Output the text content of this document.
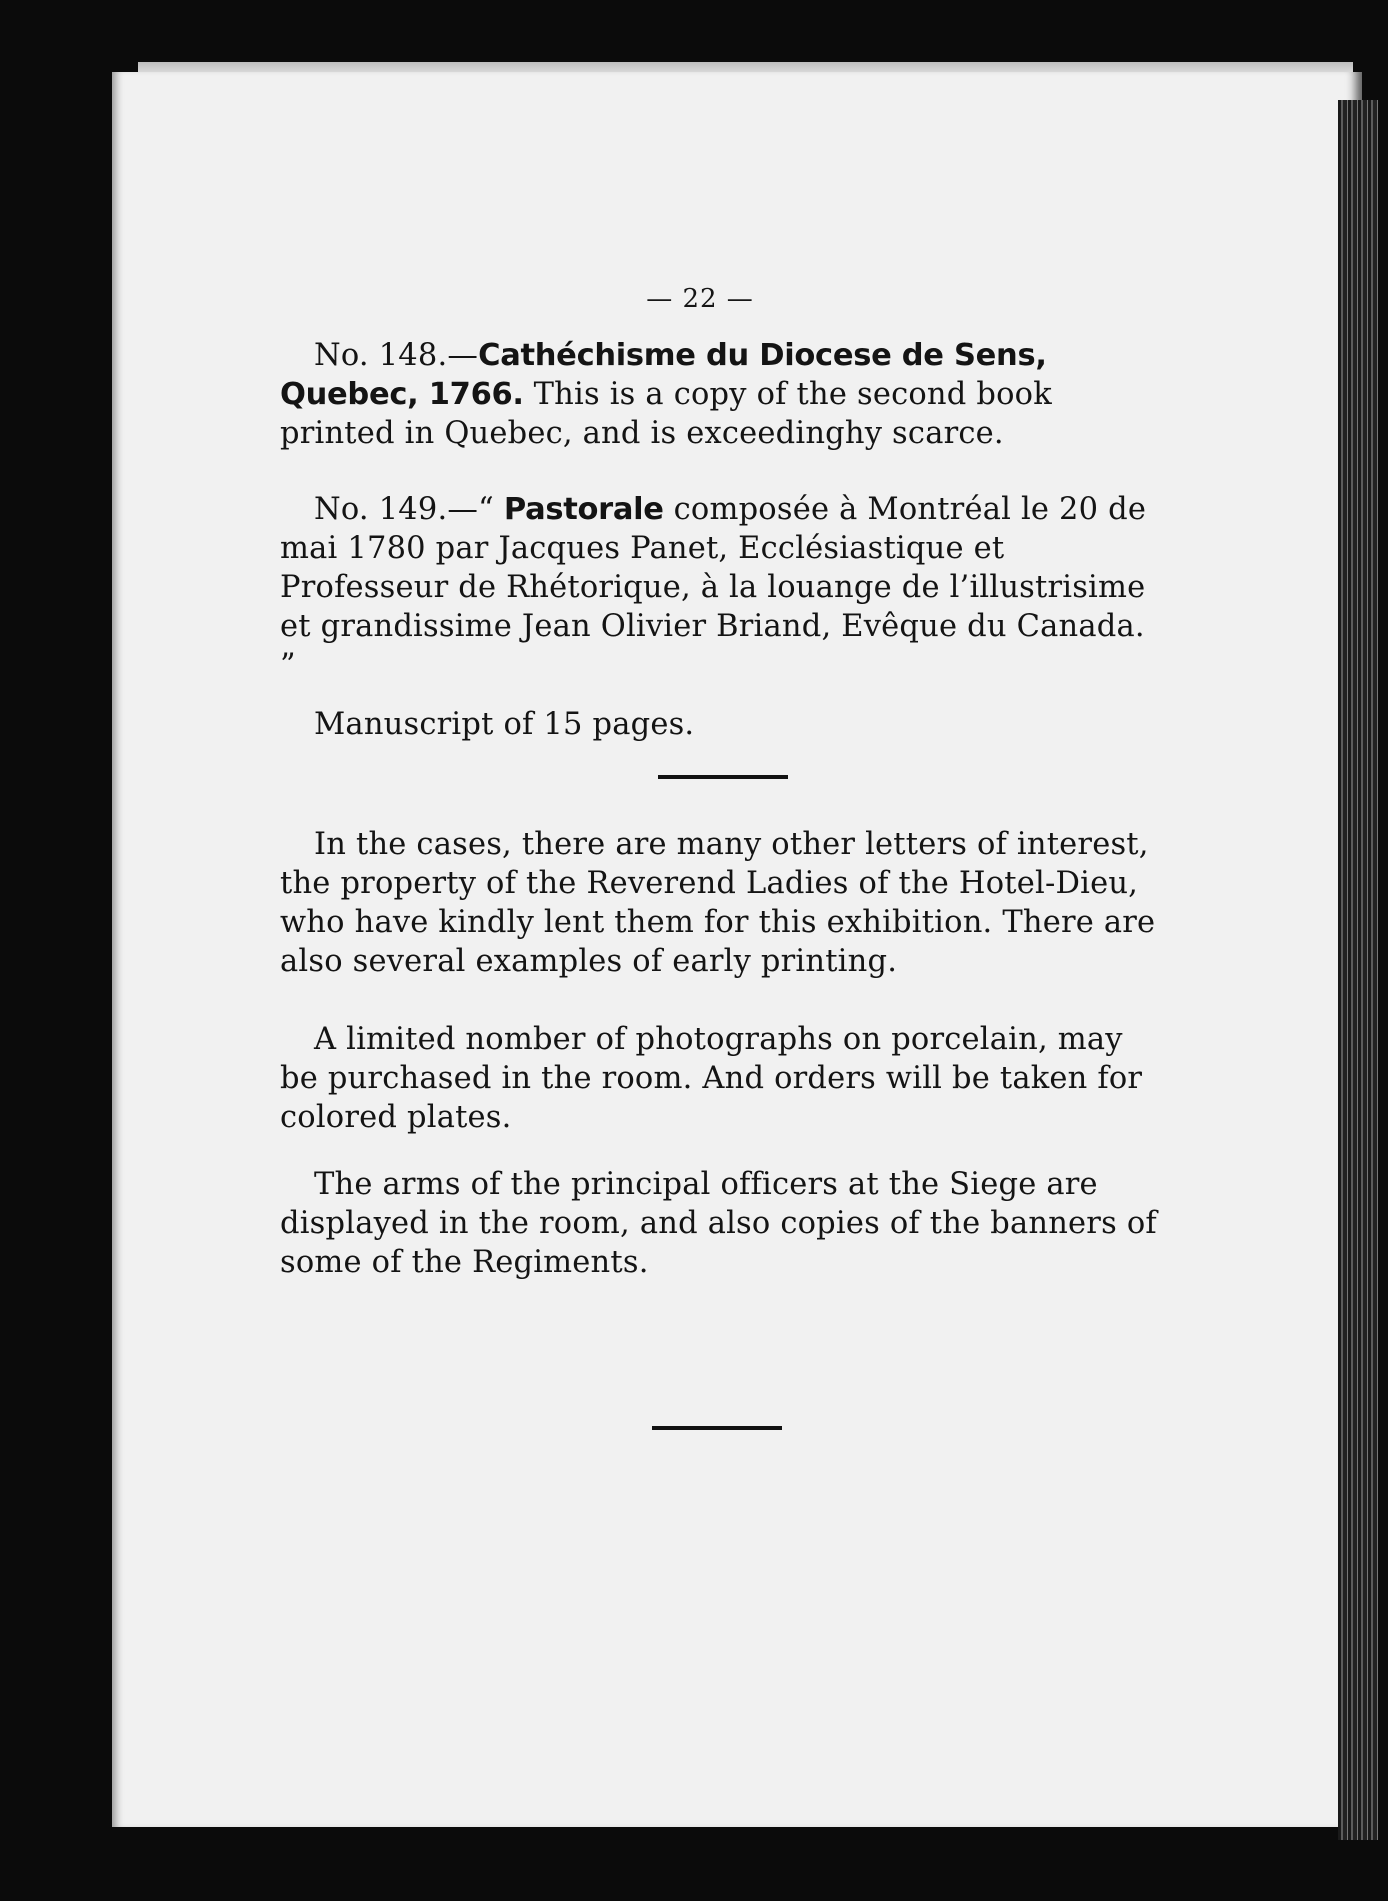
— 22 —

No. 148.—Cathéchisme du Diocese de Sens, Quebec, 1766. This is a copy of the second book printed in Quebec, and is exceedinghy scarce.

No. 149.—“ Pastorale composée à Montréal le 20 de mai 1780 par Jacques Panet, Ecclésiastique et Professeur de Rhétorique, à la louange de l’illustrisime et grandissime Jean Olivier Briand, Evêque du Canada. ”

Manuscript of 15 pages.

In the cases, there are many other letters of interest, the property of the Reverend Ladies of the Hotel-Dieu, who have kindly lent them for this exhibition. There are also several examples of early printing.

A limited nomber of photographs on porcelain, may be purchased in the room. And orders will be taken for colored plates.

The arms of the principal officers at the Siege are displayed in the room, and also copies of the banners of some of the Regiments.
